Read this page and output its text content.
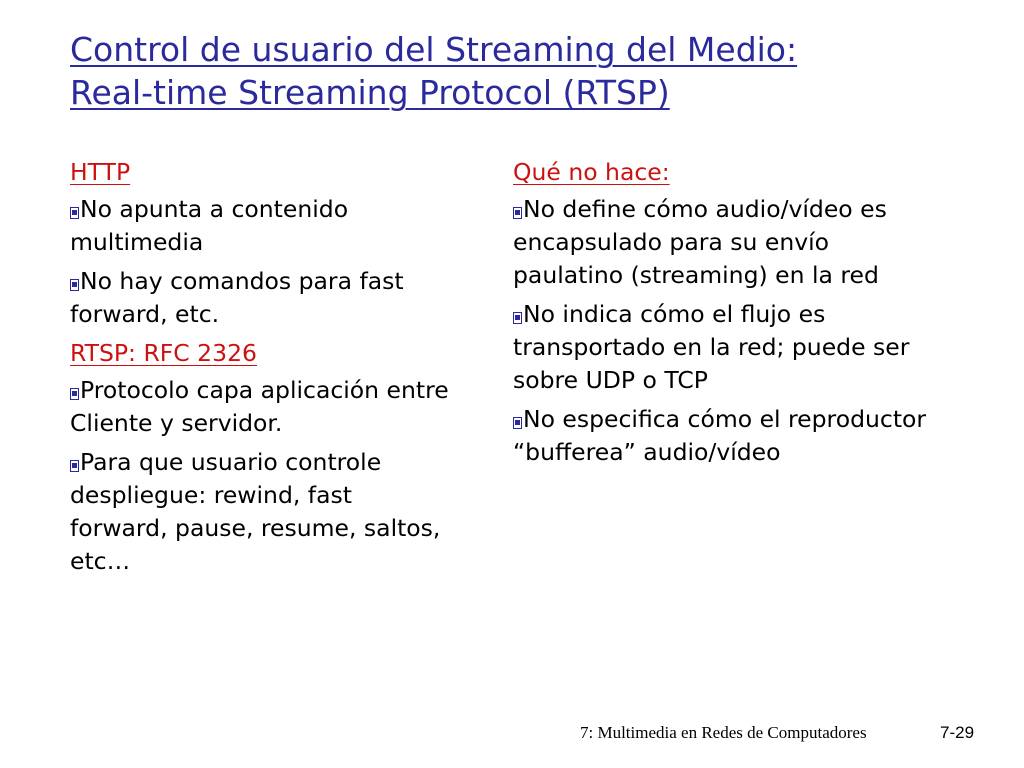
Control de usuario del Streaming del Medio:
Real-time Streaming Protocol (RTSP)
HTTP
No apunta a contenido multimedia
No hay comandos para fast forward, etc.
RTSP: RFC 2326
Protocolo capa aplicación entre Cliente y servidor.
Para que usuario controle despliegue: rewind, fast forward, pause, resume, saltos, etc…
Qué no hace:
No define cómo audio/vídeo es encapsulado para su envío paulatino (streaming) en la red
No indica cómo el flujo es transportado en la red; puede ser sobre UDP o TCP
No especifica cómo el reproductor “bufferea” audio/vídeo
7: Multimedia en Redes de Computadores	7-29
